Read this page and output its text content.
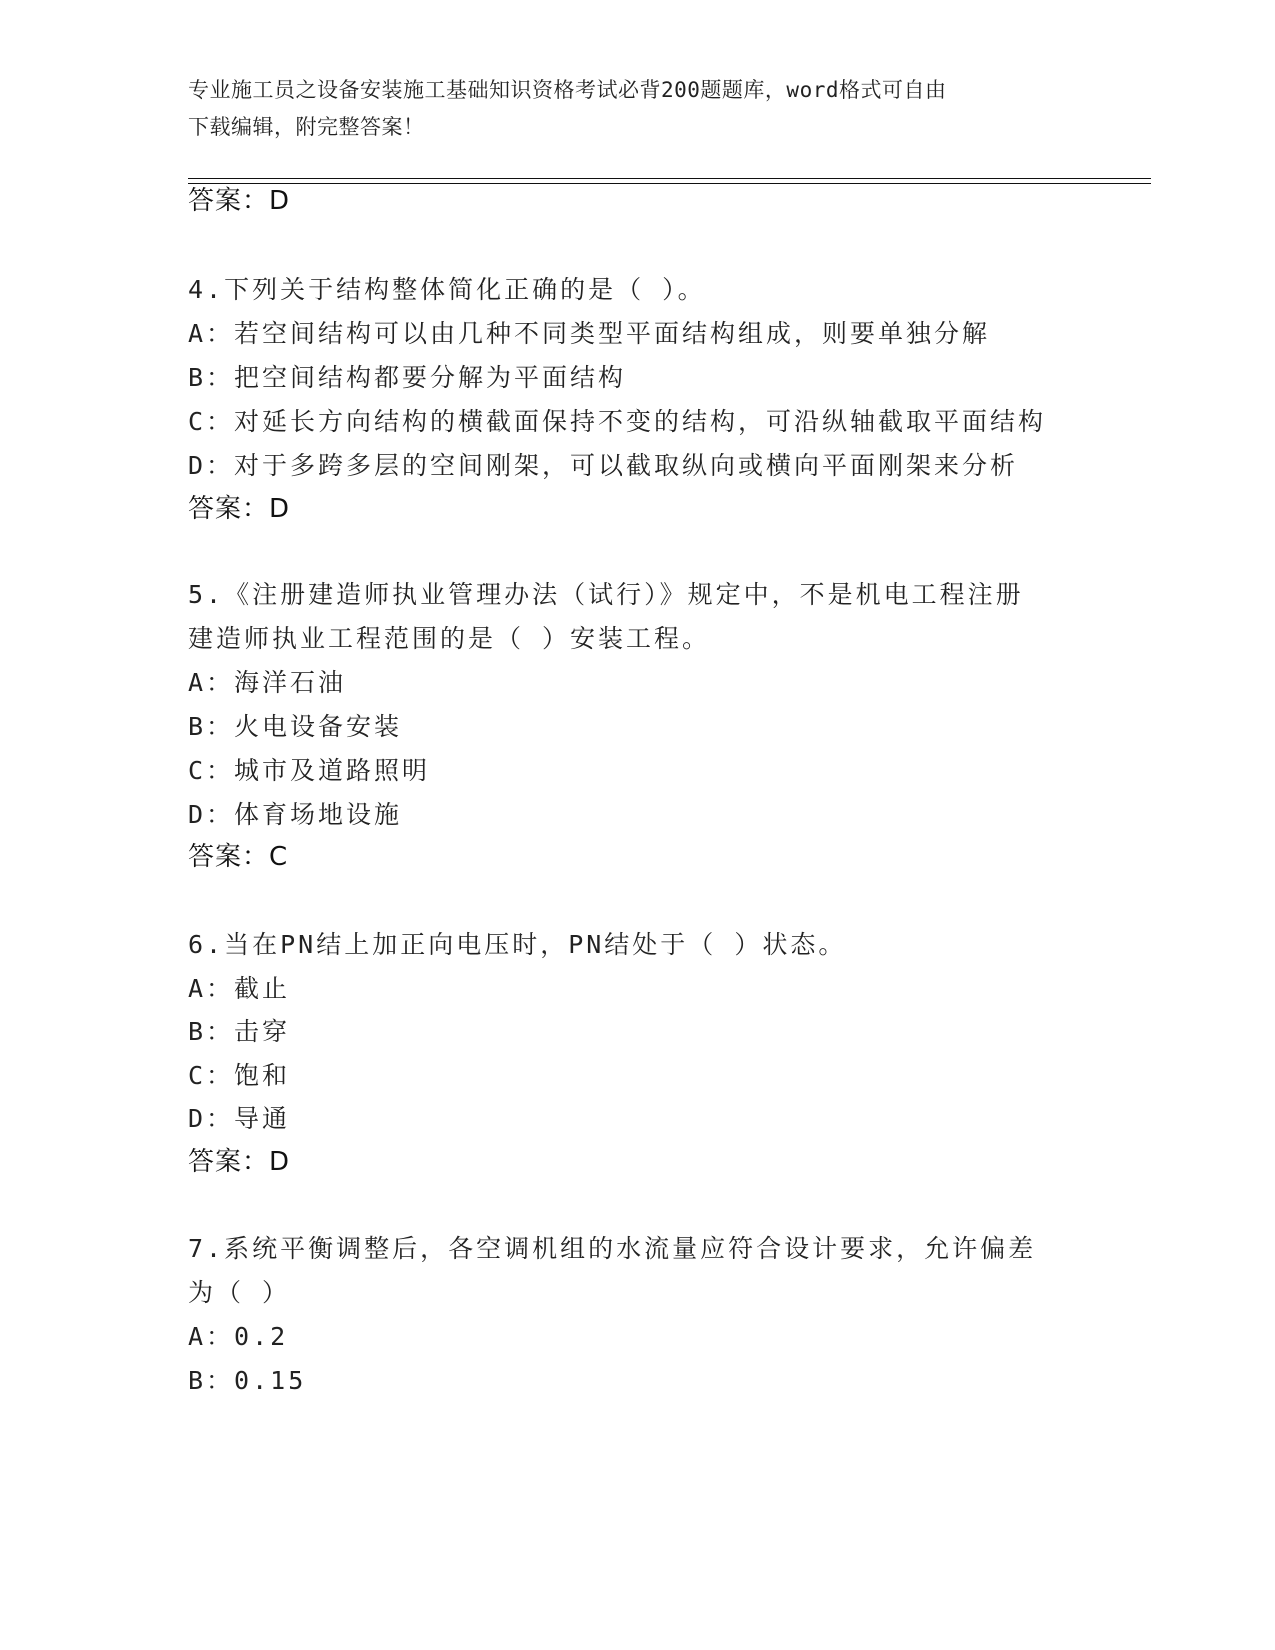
专业施工员之设备安装施工基础知识资格考试必背200题题库，word格式可自由
下载编辑，附完整答案！
答案：D
4.下列关于结构整体简化正确的是（ ）。
A：若空间结构可以由几种不同类型平面结构组成，则要单独分解
B：把空间结构都要分解为平面结构
C：对延长方向结构的横截面保持不变的结构，可沿纵轴截取平面结构
D：对于多跨多层的空间刚架，可以截取纵向或横向平面刚架来分析
答案：D
5.《注册建造师执业管理办法（试行）》规定中，不是机电工程注册
建造师执业工程范围的是（ ）安装工程。
A：海洋石油
B：火电设备安装
C：城市及道路照明
D：体育场地设施
答案：C
6.当在PN结上加正向电压时，PN结处于（ ）状态。
A：截止
B：击穿
C：饱和
D：导通
答案：D
7.系统平衡调整后，各空调机组的水流量应符合设计要求，允许偏差
为（ ）
A：0.2
B：0.15
